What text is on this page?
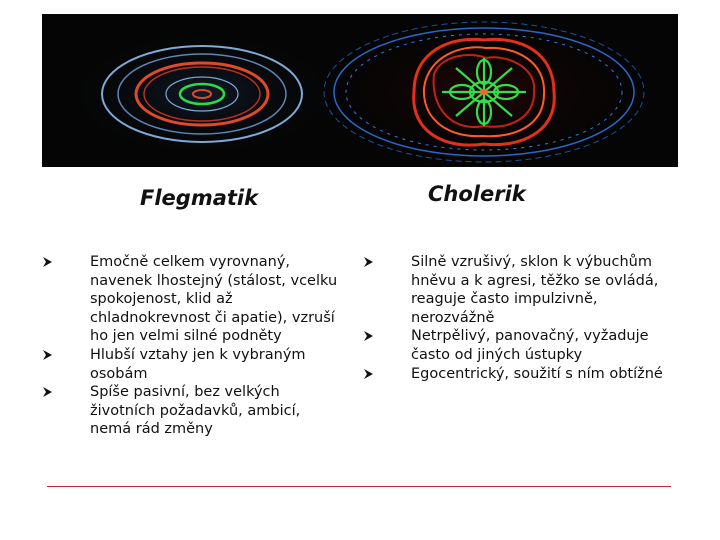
Flegmatik	Cholerik
Emočně celkem vyrovnaný, navenek lhostejný (stálost, vcelku spokojenost, klid až chladnokrevnost či apatie), vzruší ho jen velmi silné podněty
Hlubší vztahy jen k vybraným osobám
Spíše pasivní, bez velkých životních požadavků, ambicí, nemá rád změny
Silně vzrušivý, sklon k výbuchům hněvu a k agresi, těžko se ovládá, reaguje často impulzivně, nerozvážně
Netrpělivý, panovačný, vyžaduje často od jiných ústupky
Egocentrický, soužití s ním obtížné
